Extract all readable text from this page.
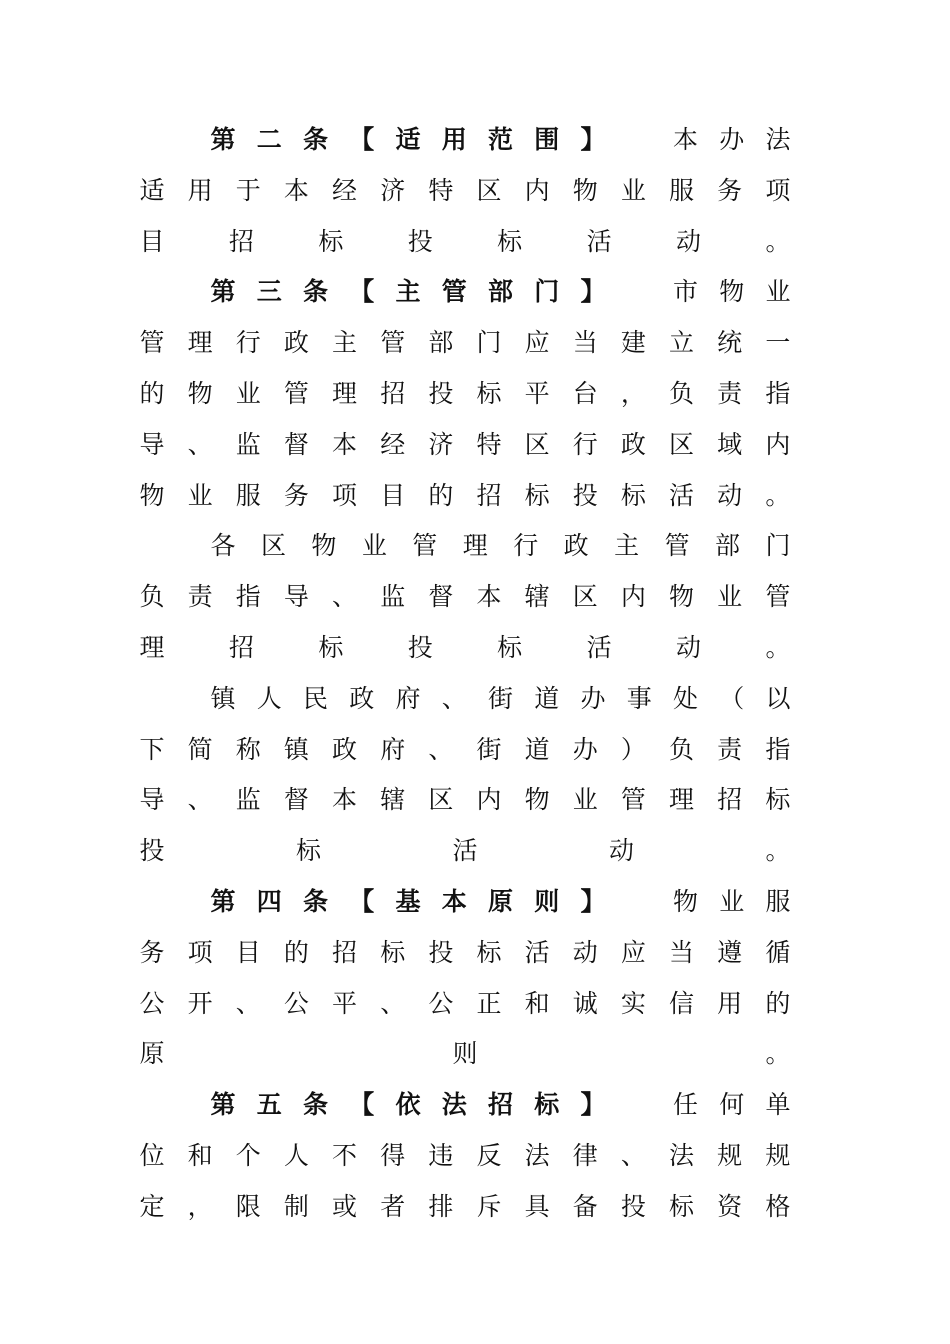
第 二 条 【 适 用 范 围 】
	本 办 法
适 用 于 本 经 济 特 区 内 物 业 服 务 项
目	招	标	投	标	活	动	。
第 三 条 【 主 管 部 门 】
	市 物 业
管 理 行 政 主 管 部 门 应 当 建 立 统 一
的 物 业 管 理 招 投 标 平 台 ， 负 责 指
导 、 监 督 本 经 济 特 区 行 政 区 域 内
物 业 服 务 项 目 的 招 标 投 标 活 动 。
各 区 物 业 管 理 行 政 主 管 部 门
负 责 指 导 、 监 督 本 辖 区 内 物 业 管
理	招	标	投	标	活	动	。
镇 人 民 政 府 、 街 道 办 事 处 （ 以
下 简 称 镇 政 府 、 街 道 办 ） 负 责 指
导 、 监 督 本 辖 区 内 物 业 管 理 招 标
投	标	活	动	。
第 四 条 【 基 本 原 则 】
	物 业 服
务 项 目 的 招 标 投 标 活 动 应 当 遵 循
公 开 、 公 平 、 公 正 和 诚 实 信 用 的
原	则	。
第 五 条 【 依 法 招 标 】
	任 何 单
位 和 个 人 不 得 违 反 法 律 、 法 规 规
定 ， 限 制 或 者 排 斥 具 备 投 标 资 格
